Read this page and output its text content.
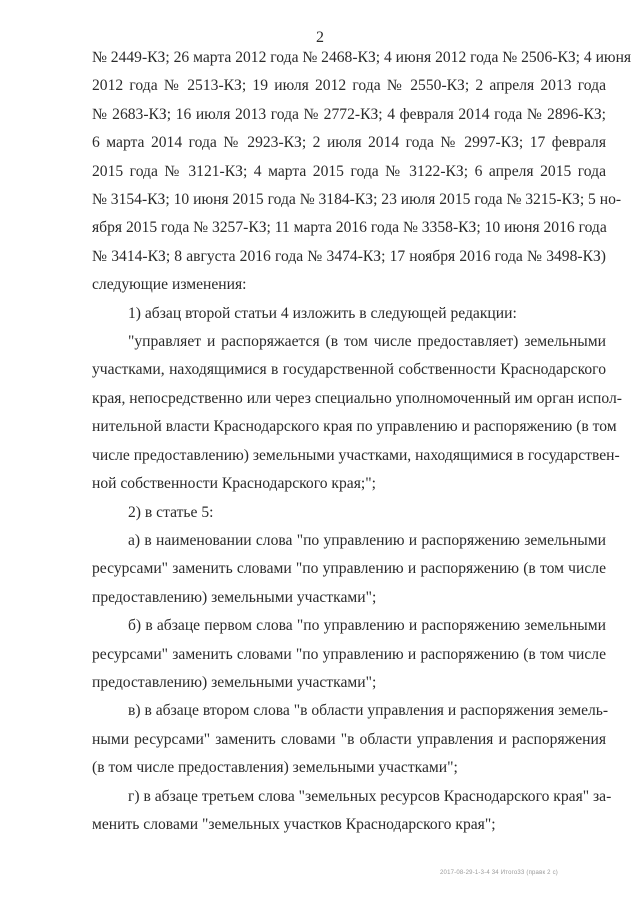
2
№ 2449-КЗ; 26 марта 2012 года № 2468-КЗ; 4 июня 2012 года № 2506-КЗ; 4 июня
2012 года № 2513-КЗ; 19 июля 2012 года № 2550-КЗ; 2 апреля 2013 года
№ 2683-КЗ; 16 июля 2013 года № 2772-КЗ; 4 февраля 2014 года № 2896-КЗ;
6 марта 2014 года № 2923-КЗ; 2 июля 2014 года № 2997-КЗ; 17 февраля
2015 года № 3121-КЗ; 4 марта 2015 года № 3122-КЗ; 6 апреля 2015 года
№ 3154-КЗ; 10 июня 2015 года № 3184-КЗ; 23 июля 2015 года № 3215-КЗ; 5 но-
ября 2015 года № 3257-КЗ; 11 марта 2016 года № 3358-КЗ; 10 июня 2016 года
№ 3414-КЗ; 8 августа 2016 года № 3474-КЗ; 17 ноября 2016 года № 3498-КЗ)
следующие изменения:
1) абзац второй статьи 4 изложить в следующей редакции:
"управляет и распоряжается (в том числе предоставляет) земельными
участками, находящимися в государственной собственности Краснодарского
края, непосредственно или через специально уполномоченный им орган испол-
нительной власти Краснодарского края по управлению и распоряжению (в том
числе предоставлению) земельными участками, находящимися в государствен-
ной собственности Краснодарского края;";
2) в статье 5:
а) в наименовании слова "по управлению и распоряжению земельными
ресурсами" заменить словами "по управлению и распоряжению (в том числе
предоставлению) земельными участками";
б) в абзаце первом слова "по управлению и распоряжению земельными
ресурсами" заменить словами "по управлению и распоряжению (в том числе
предоставлению) земельными участками";
в) в абзаце втором слова "в области управления и распоряжения земель-
ными ресурсами" заменить словами "в области управления и распоряжения
(в том числе предоставления) земельными участками";
г) в абзаце третьем слова "земельных ресурсов Краснодарского края" за-
менить словами "земельных участков Краснодарского края";
2017-08-29-1-3-4 34 Итого33 (правк 2 с)
